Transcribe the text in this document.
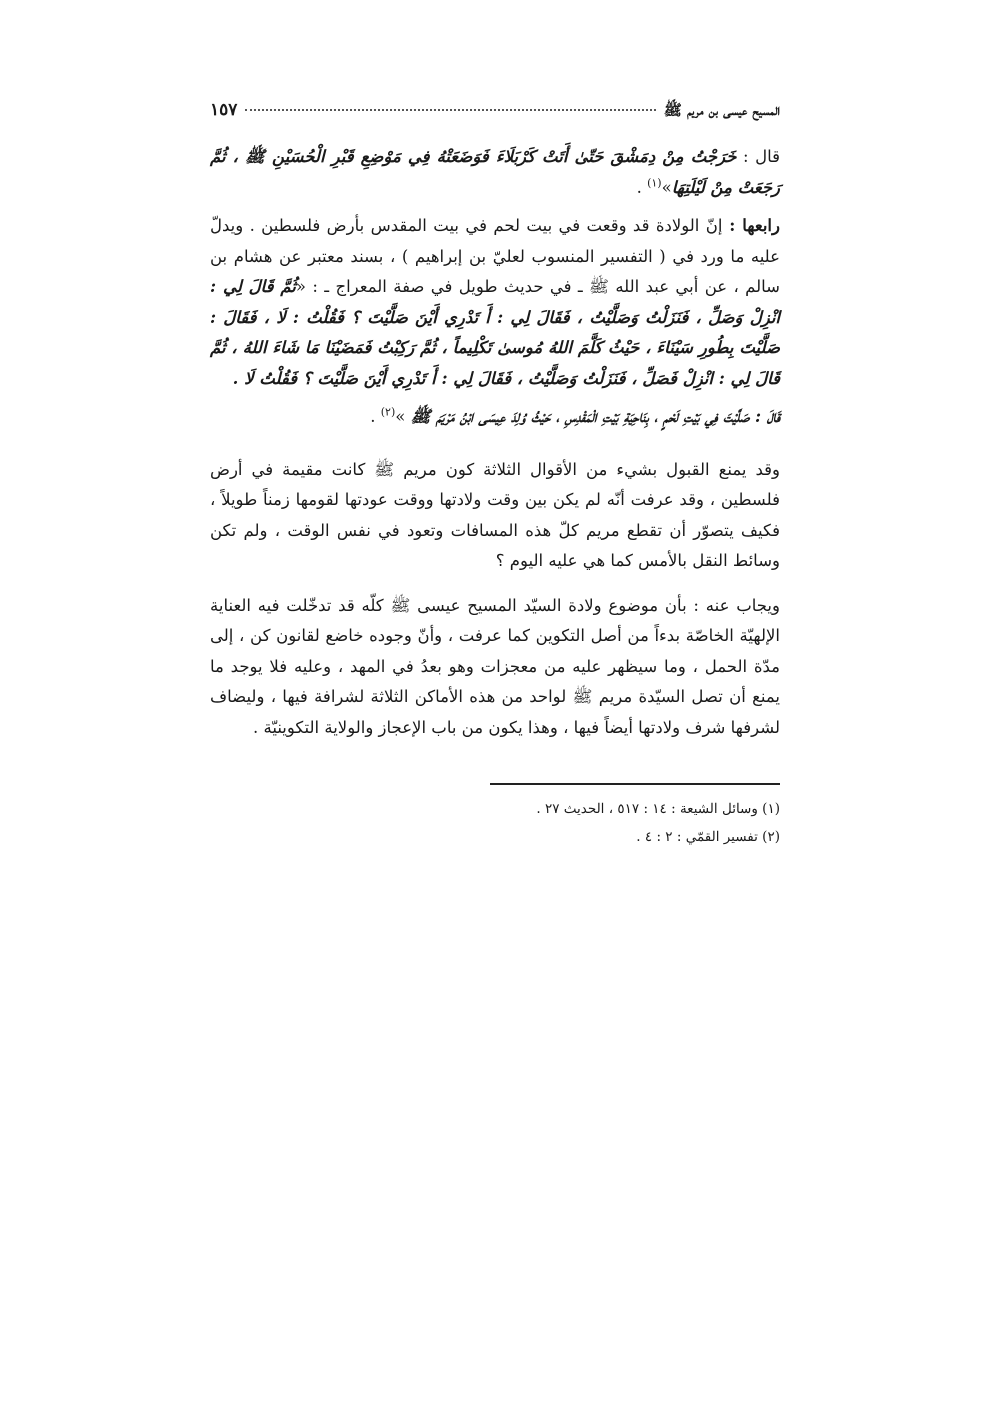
المسيح عيسى بن مريم ﷺ
١٥٧

قال : خَرَجْتُ مِنْ دِمَشْقَ حَتّىٰ أَتَتْ كَرْبَلَاءَ فَوَضَعَتْهُ فِي مَوْضِعِ قَبْرِ الْحُسَيْنِ ﷺ ، ثُمَّ رَجَعَتْ مِنْ لَيْلَتِهَا»$^{(١)}$ .

رابعها : إنّ الولادة قد وقعت في بيت لحم في بيت المقدس بأرض فلسطين . ويدلّ عليه ما ورد في ( التفسير المنسوب لعليّ بن إبراهيم ) ، بسند معتبر عن هشام بن سالم ، عن أبي عبد الله ﷺ ـ في حديث طويل في صفة المعراج ـ : «ثُمَّ قَالَ لِي : انْزِلْ وَصَلِّ ، فَنَزَلْتُ وَصَلَّيْتُ ، فَقَالَ لِي : أَ تَدْرِي أَيْنَ صَلَّيْتَ ؟ فَقُلْتُ : لَا ، فَقَالَ : صَلَّيْتَ بِطُورِ سَيْنَاءَ ، حَيْثُ كَلَّمَ اللهُ مُوسىٰ تَكْلِيماً ، ثُمَّ رَكِبْتُ فَمَضَيْنَا مَا شَاءَ اللهُ ، ثُمَّ قَالَ لِي : انْزِلْ فَصَلِّ ، فَنَزَلْتُ وَصَلَّيْتُ ، فَقَالَ لِي : أَ تَدْرِي أَيْنَ صَلَّيْتَ ؟ فَقُلْتُ لَا .

قَالَ : صَلَّيْتَ فِي بَيْتِ لَحْمٍ ، بِنَاحِيَةِ بَيْتِ الْمَقْدِسِ ، حَيْثُ وُلِدَ عِيسَى ابْنُ مَرْيَمَ ﷺ »$^{(٢)}$ .

وقد يمنع القبول بشيء من الأقوال الثلاثة كون مريم ﷺ كانت مقيمة في أرض فلسطين ، وقد عرفت أنّه لم يكن بين وقت ولادتها ووقت عودتها لقومها زمناً طويلاً ، فكيف يتصوّر أن تقطع مريم كلّ هذه المسافات وتعود في نفس الوقت ، ولم تكن وسائط النقل بالأمس كما هي عليه اليوم ؟

ويجاب عنه : بأن موضوع ولادة السيّد المسيح عيسى ﷺ كلّه قد تدخّلت فيه العناية الإلهيّة الخاصّة بدءاً من أصل التكوين كما عرفت ، وأنّ وجوده خاضع لقانون كن ، إلى مدّة الحمل ، وما سيظهر عليه من معجزات وهو بعدُ في المهد ، وعليه فلا يوجد ما يمنع أن تصل السيّدة مريم ﷺ لواحد من هذه الأماكن الثلاثة لشرافة فيها ، وليضاف لشرفها شرف ولادتها أيضاً فيها ، وهذا يكون من باب الإعجاز والولاية التكوينيّة .

(١) وسائل الشيعة : ١٤ : ٥١٧ ، الحديث ٢٧ .
(٢) تفسير القمّي : ٢ : ٤ .
